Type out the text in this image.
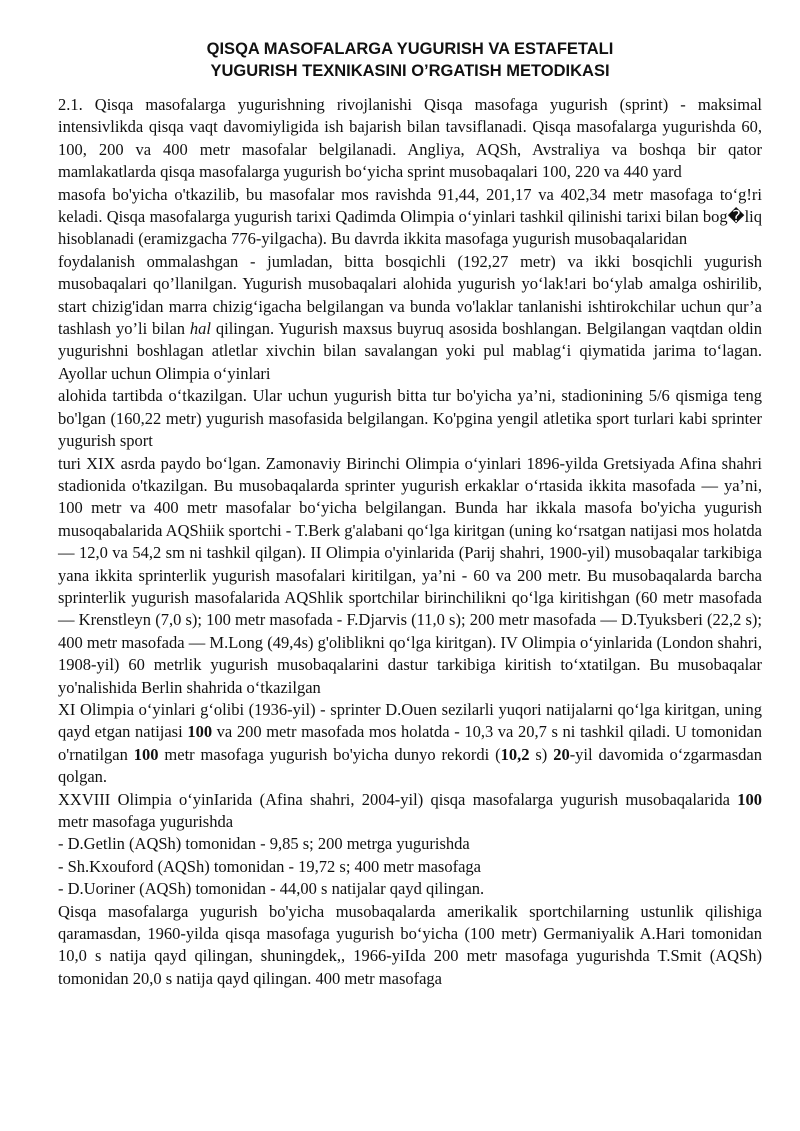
QISQA MASOFALARGA YUGURISH VA ESTAFETALI
YUGURISH TEXNIKASINI O’RGATISH METODIKASI

2.1. Qisqa masofalarga yugurishning rivojlanishi Qisqa masofaga yugurish (sprint) - maksimal intensivlikda qisqa vaqt davomiyligida ish bajarish bilan tavsiflanadi. Qisqa masofalarga yugurishda 60, 100, 200 va 400 metr masofalar belgilanadi. Angliya, AQSh, Avstraliya va boshqa bir qator mamlakatlarda qisqa masofalarga yugurish boʻyicha sprint musobaqalari 100, 220 va 440 yard

masofa bo'yicha o'tkazilib, bu masofalar mos ravishda 91,44, 201,17 va 402,34 metr masofaga toʻg!ri keladi. Qisqa masofalarga yugurish tarixi Qadimda Olimpia oʻyinlari tashkil qilinishi tarixi bilan bog�liq hisoblanadi (eramizgacha 776-yilgacha). Bu davrda ikkita masofaga yugurish musobaqalaridan

foydalanish ommalashgan - jumladan, bitta bosqichli (192,27 metr) va ikki bosqichli yugurish musobaqalari qo’llanilgan. Yugurish musobaqalari alohida yugurish yoʻlak!ari boʻylab amalga oshirilib, start chizig'idan marra chizigʻigacha belgilangan va bunda vo'laklar tanlanishi ishtirokchilar uchun qur’a tashlash yo’li bilan hal qilingan. Yugurish maxsus buyruq asosida boshlangan. Belgilangan vaqtdan oldin yugurishni boshlagan atletlar xivchin bilan savalangan yoki pul mablagʻi qiymatida jarima toʻlagan. Ayollar uchun Olimpia oʻyinlari

alohida tartibda oʻtkazilgan. Ular uchun yugurish bitta tur bo'yicha ya’ni, stadionining 5/6 qismiga teng bo'lgan (160,22 metr) yugurish masofasida belgilangan. Ko'pgina yengil atletika sport turlari kabi sprinter yugurish sport

turi XIX asrda paydo boʻlgan. Zamonaviy Birinchi Olimpia oʻyinlari 1896-yilda Gretsiyada Afina shahri stadionida o'tkazilgan. Bu musobaqalarda sprinter yugurish erkaklar oʻrtasida ikkita masofada — ya’ni, 100 metr va 400 metr masofalar boʻyicha belgilangan. Bunda har ikkala masofa bo'yicha yugurish musoqabalarida AQShiik sportchi - T.Berk g'alabani qoʻlga kiritgan (uning koʻrsatgan natijasi mos holatda — 12,0 va 54,2 sm ni tashkil qilgan). II Olimpia o'yinlarida (Parij shahri, 1900-yil) musobaqalar tarkibiga yana ikkita sprinterlik yugurish masofalari kiritilgan, ya’ni - 60 va 200 metr. Bu musobaqalarda barcha sprinterlik yugurish masofalarida AQShlik sportchilar birinchilikni qoʻlga kiritishgan (60 metr masofada — Krenstleyn (7,0 s); 100 metr masofada - F.Djarvis (11,0 s); 200 metr masofada — D.Tyuksberi (22,2 s); 400 metr masofada — M.Long (49,4s) g'oliblikni qoʻlga kiritgan). IV Olimpia oʻyinlarida (London shahri, 1908-yil) 60 metrlik yugurish musobaqalarini dastur tarkibiga kiritish toʻxtatilgan. Bu musobaqalar yo'nalishida Berlin shahrida oʻtkazilgan

XI Olimpia oʻyinlari gʻolibi (1936-yil) - sprinter D.Ouen sezilarli yuqori natijalarni qoʻlga kiritgan, uning qayd etgan natijasi 100 va 200 metr masofada mos holatda - 10,3 va 20,7 s ni tashkil qiladi. U tomonidan o'rnatilgan 100 metr masofaga yugurish bo'yicha dunyo rekordi (10,2 s) 20-yil davomida oʻzgarmasdan qolgan.

XXVIII Olimpia oʻyinIarida (Afina shahri, 2004-yil) qisqa masofalarga yugurish musobaqalarida 100 metr masofaga yugurishda

- D.Getlin (AQSh) tomonidan - 9,85 s; 200 metrga yugurishda

- Sh.Kxouford (AQSh) tomonidan - 19,72 s; 400 metr masofaga

- D.Uoriner (AQSh) tomonidan - 44,00 s natijalar qayd qilingan.

Qisqa masofalarga yugurish bo'yicha musobaqalarda amerikalik sportchilarning ustunlik qilishiga qaramasdan, 1960-yilda qisqa masofaga yugurish boʻyicha (100 metr) Germaniyalik A.Hari tomonidan 10,0 s natija qayd qilingan, shuningdek,, 1966-yiIda 200 metr masofaga yugurishda T.Smit (AQSh) tomonidan 20,0 s natija qayd qilingan. 400 metr masofaga
